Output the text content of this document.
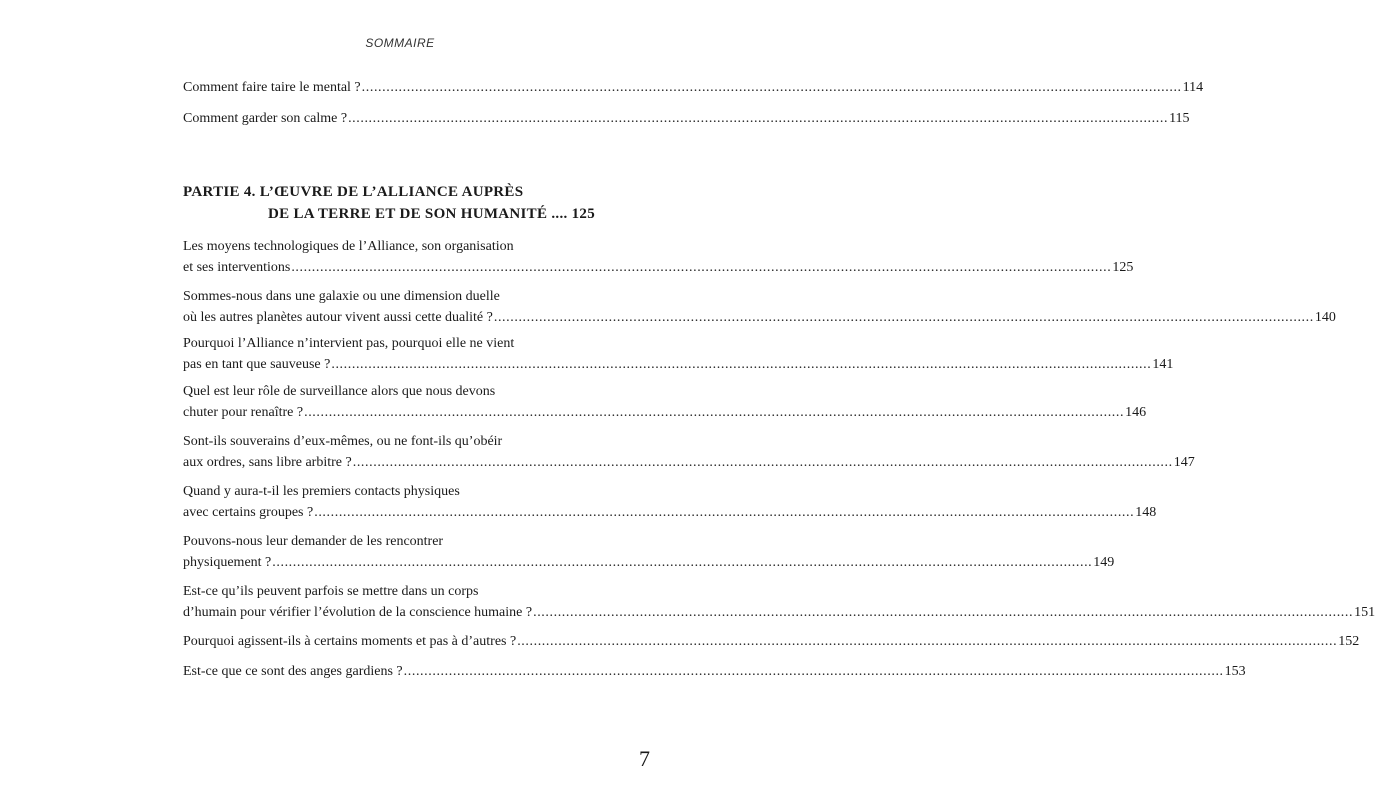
SOMMAIRE
Comment faire taire le mental ? ........................................................................................................................................................................................................ 114
Comment garder son calme ? ........................................................................................................................................................................................................ 115
Les moyens technologiques de l’Alliance, son organisation
et ses interventions ........................................................................................................................................................................................................ 125
Sommes-nous dans une galaxie ou une dimension duelle
où les autres planètes autour vivent aussi cette dualité ? ........................................................................................................................................................................................................ 140
Pourquoi l’Alliance n’intervient pas, pourquoi elle ne vient
pas en tant que sauveuse ? ........................................................................................................................................................................................................ 141
Quel est leur rôle de surveillance alors que nous devons
chuter pour renaître ? ........................................................................................................................................................................................................ 146
Sont-ils souverains d’eux-mêmes, ou ne font-ils qu’obéir
aux ordres, sans libre arbitre ? ........................................................................................................................................................................................................ 147
Quand y aura-t-il les premiers contacts physiques
avec certains groupes ? ........................................................................................................................................................................................................ 148
Pouvons-nous leur demander de les rencontrer
physiquement ? ........................................................................................................................................................................................................ 149
Est-ce qu’ils peuvent parfois se mettre dans un corps
d’humain pour vérifier l’évolution de la conscience humaine ? ........................................................................................................................................................................................................ 151
Pourquoi agissent-ils à certains moments et pas à d’autres ? ........................................................................................................................................................................................................ 152
Est-ce que ce sont des anges gardiens ? ........................................................................................................................................................................................................ 153
PARTIE 4. L’ŒUVRE DE L’ALLIANCE AUPRÈS
DE LA TERRE ET DE SON HUMANITÉ .... 125
7
